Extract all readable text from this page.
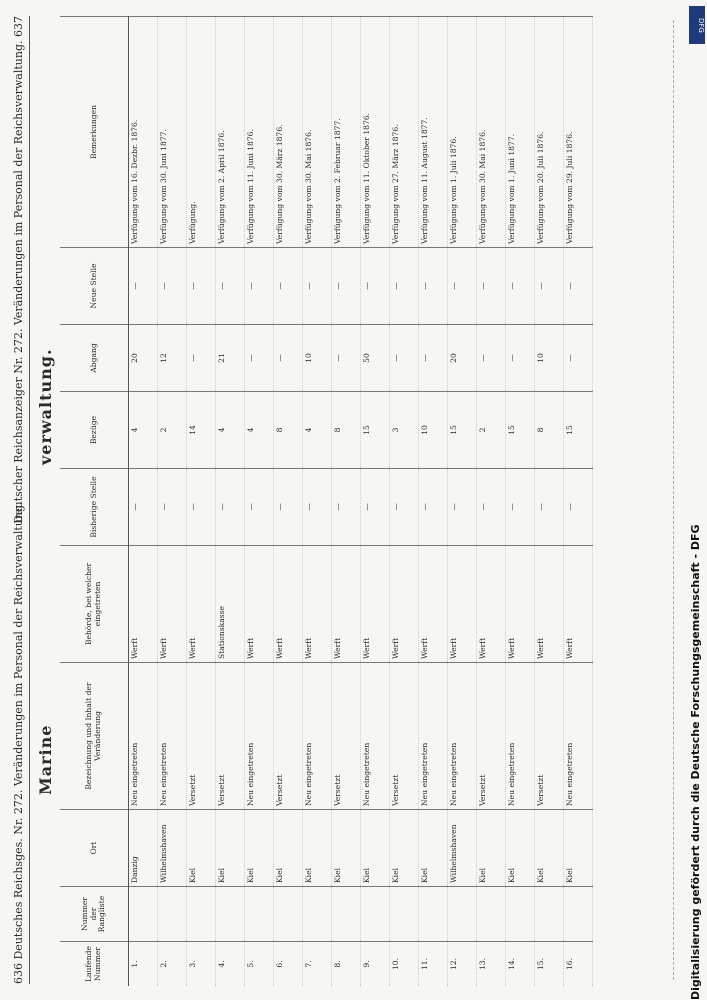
636 Deutsches Reichsges. Nr. 272. Veränderungen im Personal der Reichsverwaltung.
Deutscher Reichsanzeiger Nr. 272. Veränderungen im Personal der Reichsverwaltung. 637
Marine
verwaltung.
Laufende Nummer	Nummer der Rangliste	Ort	Bezeichnung und Inhalt der Veränderung	Behörde, bei welcher eingetreten	Bisherige Stelle	Bezüge	Abgang	Neue Stelle	Bemerkungen
1.		Danzig	Neu eingetreten	Werft	—	4	20	—	Verfügung vom 16. Dezbr. 1876.
2.		Wilhelmshaven	Neu eingetreten	Werft	—	2	12	—	Verfügung vom 30. Juni 1877.
3.		Kiel	Versetzt	Werft	—	14	—	—	Verfügung.
4.		Kiel	Versetzt	Stationskasse	—	4	21	—	Verfügung vom 2. April 1876.
5.		Kiel	Neu eingetreten	Werft	—	4	—	—	Verfügung vom 11. Juni 1876.
6.		Kiel	Versetzt	Werft	—	8	—	—	Verfügung vom 30. März 1876.
7.		Kiel	Neu eingetreten	Werft	—	4	10	—	Verfügung vom 30. Mai 1876.
8.		Kiel	Versetzt	Werft	—	8	—	—	Verfügung vom 2. Februar 1877.
9.		Kiel	Neu eingetreten	Werft	—	15	50	—	Verfügung vom 11. Oktober 1876.
10.		Kiel	Versetzt	Werft	—	3	—	—	Verfügung vom 27. März 1876.
11.		Kiel	Neu eingetreten	Werft	—	10	—	—	Verfügung vom 11. August 1877.
12.		Wilhelmshaven	Neu eingetreten	Werft	—	15	20	—	Verfügung vom 1. Juli 1876.
13.		Kiel	Versetzt	Werft	—	2	—	—	Verfügung vom 30. Mai 1876.
14.		Kiel	Neu eingetreten	Werft	—	15	—	—	Verfügung vom 1. Juni 1877.
15.		Kiel	Versetzt	Werft	—	8	10	—	Verfügung vom 20. Juli 1876.
16.		Kiel	Neu eingetreten	Werft	—	15	—	—	Verfügung vom 29. Juli 1876.
DFG
Digitalisierung gefördert durch die Deutsche Forschungsgemeinschaft - DFG
